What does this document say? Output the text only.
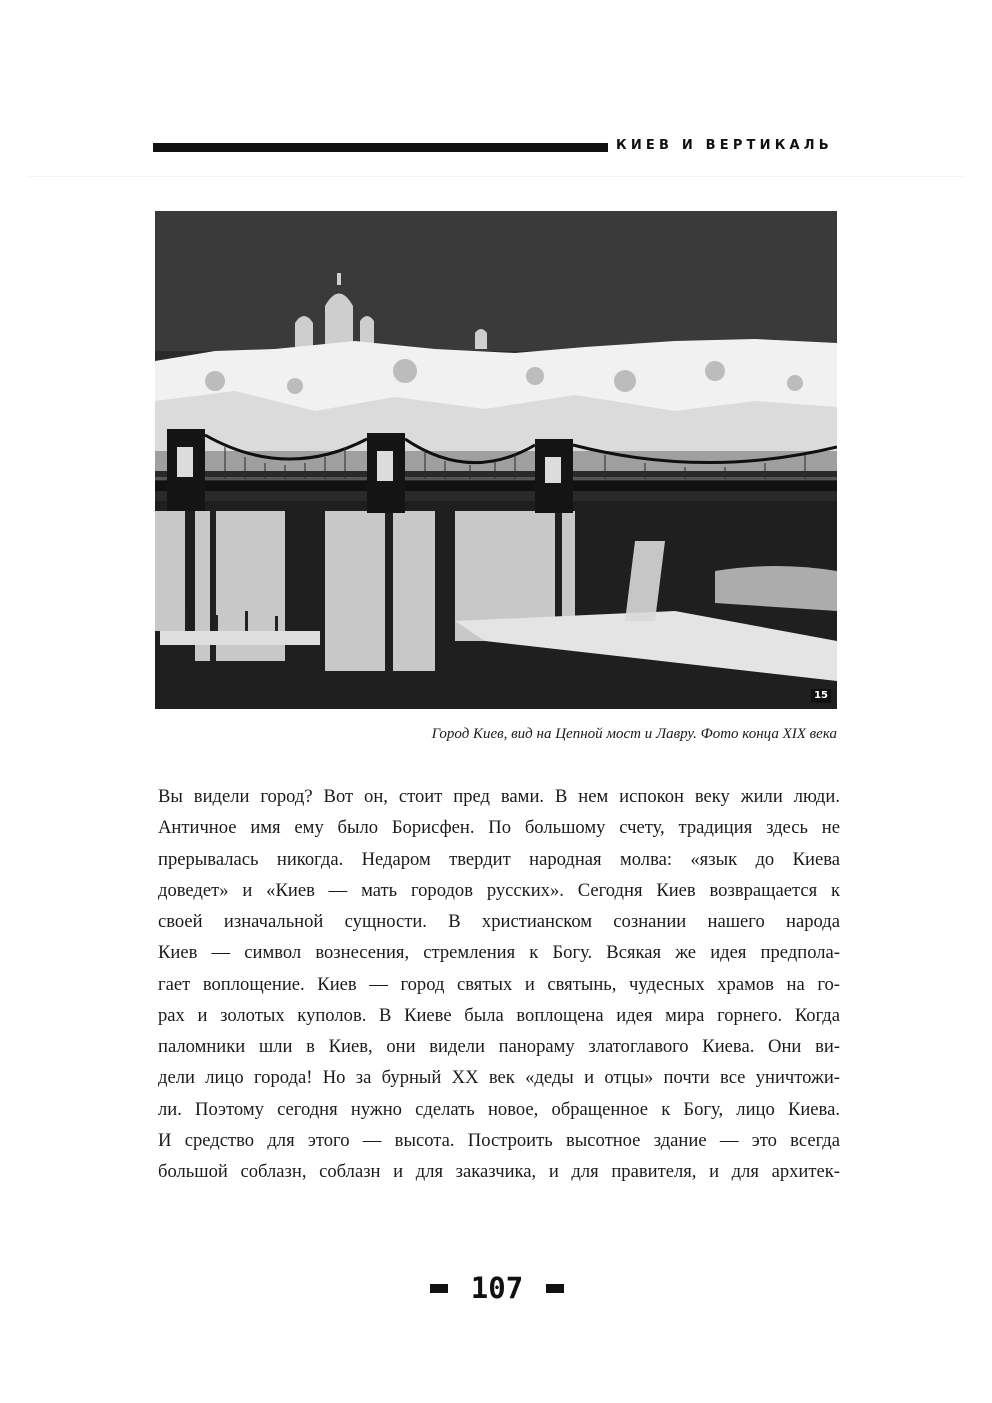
КИЕВ И ВЕРТИКАЛЬ
15
Город Киев, вид на Цепной мост и Лавру. Фото конца XIX века
Вы видели город? Вот он, стоит пред вами. В нем испокон веку жили люди.
Античное имя ему было Борисфен. По большому счету, традиция здесь не
прерывалась никогда. Недаром твердит народная молва: «язык до Киева
доведет» и «Киев — мать городов русских». Сегодня Киев возвращается к
своей изначальной сущности. В христианском сознании нашего народа
Киев — символ вознесения, стремления к Богу. Всякая же идея предпола-
гает воплощение. Киев — город святых и святынь, чудесных храмов на го-
рах и золотых куполов. В Киеве была воплощена идея мира горнего. Когда
паломники шли в Киев, они видели панораму златоглавого Киева. Они ви-
дели лицо города! Но за бурный XX век «деды и отцы» почти все уничтожи-
ли. Поэтому сегодня нужно сделать новое, обращенное к Богу, лицо Киева.
И средство для этого — высота. Построить высотное здание — это всегда
большой соблазн, соблазн и для заказчика, и для правителя, и для архитек-
107
